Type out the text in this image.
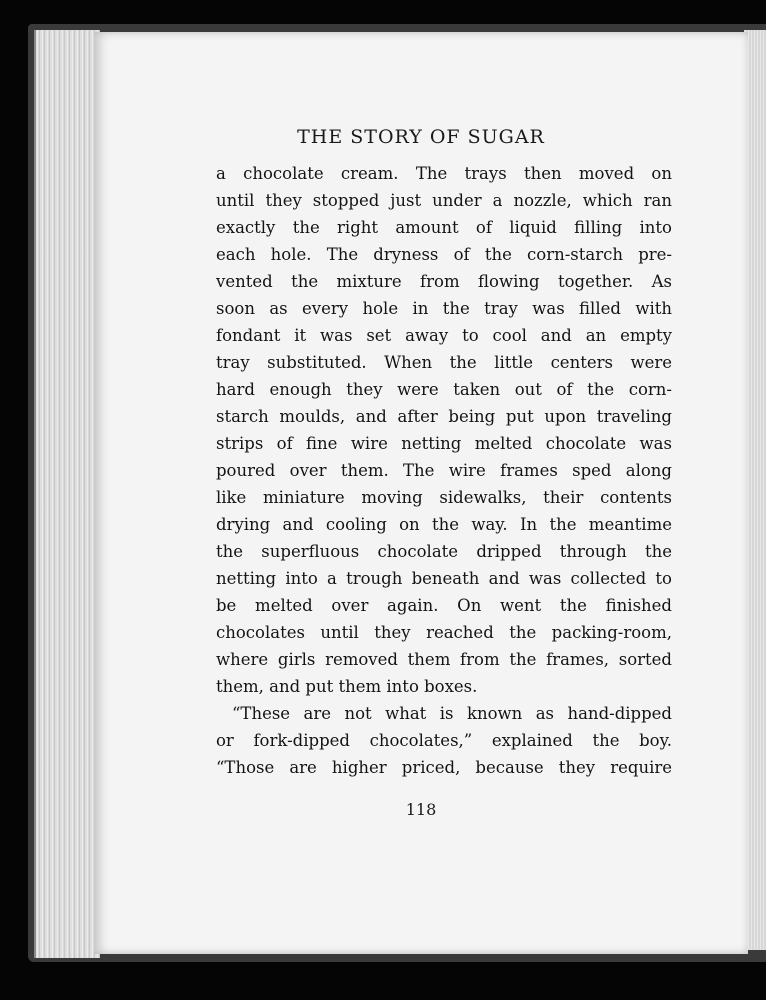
THE STORY OF SUGAR
a chocolate cream. The trays then moved on
until they stopped just under a nozzle, which ran
exactly the right amount of liquid filling into
each hole. The dryness of the corn-starch pre-
vented the mixture from flowing together. As
soon as every hole in the tray was filled with
fondant it was set away to cool and an empty
tray substituted. When the little centers were
hard enough they were taken out of the corn-
starch moulds, and after being put upon traveling
strips of fine wire netting melted chocolate was
poured over them. The wire frames sped along
like miniature moving sidewalks, their contents
drying and cooling on the way. In the meantime
the superfluous chocolate dripped through the
netting into a trough beneath and was collected to
be melted over again. On went the finished
chocolates until they reached the packing-room,
where girls removed them from the frames, sorted
them, and put them into boxes.
“These are not what is known as hand-dipped
or fork-dipped chocolates,” explained the boy.
“Those are higher priced, because they require
118
